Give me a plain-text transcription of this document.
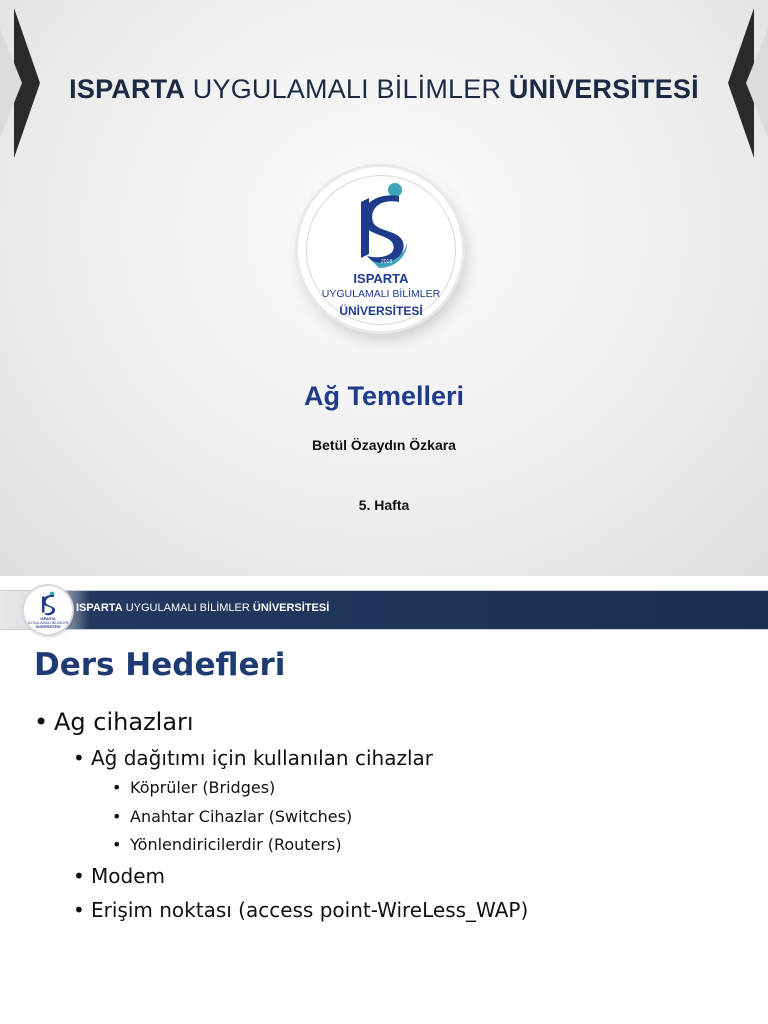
ISPARTA UYGULAMALI BİLİMLER ÜNİVERSİTESİ
2018
ISPARTA
UYGULAMALI BİLİMLER
ÜNİVERSİTESİ
Ağ Temelleri
Betül Özaydın Özkara
5. Hafta
ISPARTA UYGULAMALI BİLİMLER ÜNİVERSİTESİ
ISPARTA
UYGULAMALI BİLİMLER
ÜNİVERSİTESİ
Ders Hedefleri
• Ag cihazları
• Ağ dağıtımı için kullanılan cihazlar
• Köprüler (Bridges)
• Anahtar Cihazlar (Switches)
• Yönlendiricilerdir (Routers)
• Modem
• Erişim noktası (access point-WireLess_WAP)
